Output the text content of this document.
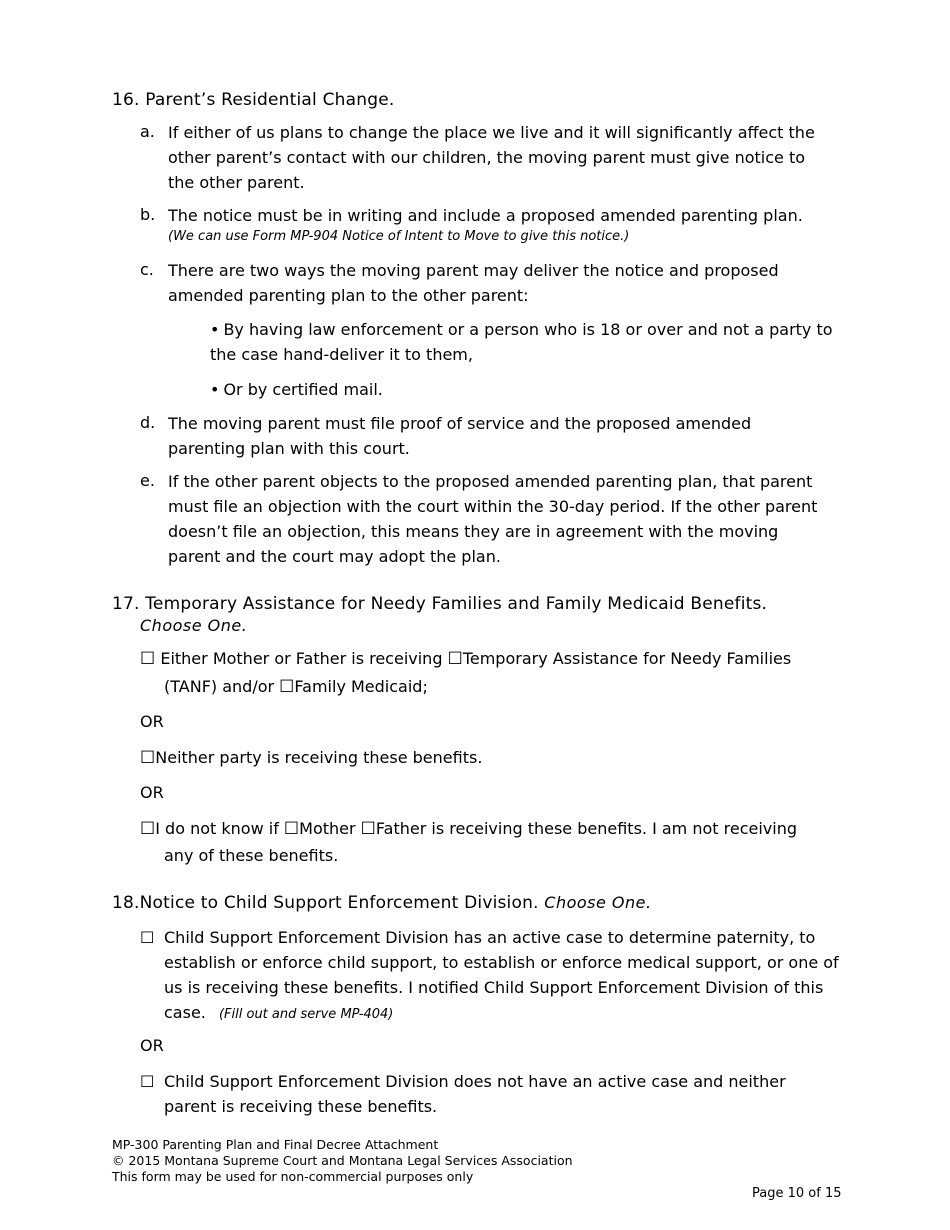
16. Parent’s Residential Change.
a. If either of us plans to change the place we live and it will significantly affect the other parent’s contact with our children, the moving parent must give notice to the other parent.
b. The notice must be in writing and include a proposed amended parenting plan.
(We can use Form MP-904 Notice of Intent to Move to give this notice.)
c. There are two ways the moving parent may deliver the notice and proposed amended parenting plan to the other parent:
• By having law enforcement or a person who is 18 or over and not a party to the case hand-deliver it to them,
• Or by certified mail.
d. The moving parent must file proof of service and the proposed amended parenting plan with this court.
e. If the other parent objects to the proposed amended parenting plan, that parent must file an objection with the court within the 30-day period. If the other parent doesn’t file an objection, this means they are in agreement with the moving parent and the court may adopt the plan.
17. Temporary Assistance for Needy Families and Family Medicaid Benefits.
Choose One.
☐ Either Mother or Father is receiving ☐Temporary Assistance for Needy Families
(TANF) and/or ☐Family Medicaid;
OR
☐Neither party is receiving these benefits.
OR
☐I do not know if ☐Mother ☐Father is receiving these benefits. I am not receiving
any of these benefits.
18.Notice to Child Support Enforcement Division. Choose One.
☐ Child Support Enforcement Division has an active case to determine paternity, to establish or enforce child support, to establish or enforce medical support, or one of us is receiving these benefits. I notified Child Support Enforcement Division of this case. (Fill out and serve MP-404)
OR
☐ Child Support Enforcement Division does not have an active case and neither parent is receiving these benefits.
MP-300 Parenting Plan and Final Decree Attachment
© 2015 Montana Supreme Court and Montana Legal Services Association
This form may be used for non-commercial purposes only
Page 10 of 15
